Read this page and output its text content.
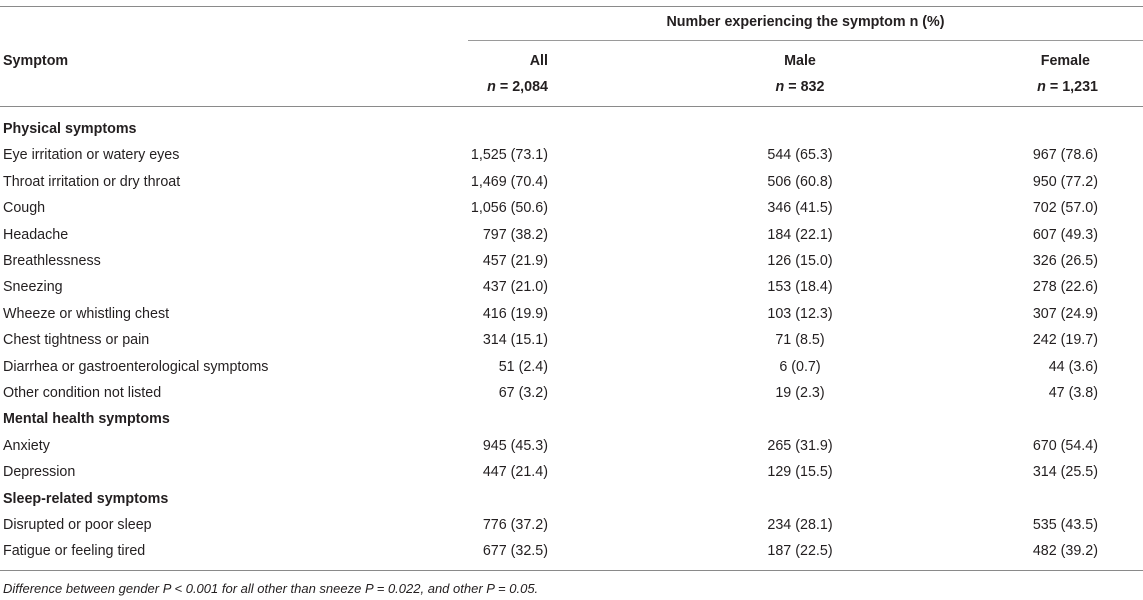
Number experiencing the symptom n (%)
Symptom	All	Male	Female
n = 2,084	n = 832	n = 1,231
Physical symptoms
Eye irritation or watery eyes	1,525 (73.1)	544 (65.3)	967 (78.6)
Throat irritation or dry throat	1,469 (70.4)	506 (60.8)	950 (77.2)
Cough	1,056 (50.6)	346 (41.5)	702 (57.0)
Headache	797 (38.2)	184 (22.1)	607 (49.3)
Breathlessness	457 (21.9)	126 (15.0)	326 (26.5)
Sneezing	437 (21.0)	153 (18.4)	278 (22.6)
Wheeze or whistling chest	416 (19.9)	103 (12.3)	307 (24.9)
Chest tightness or pain	314 (15.1)	71 (8.5)	242 (19.7)
Diarrhea or gastroenterological symptoms	51 (2.4)	6 (0.7)	44 (3.6)
Other condition not listed	67 (3.2)	19 (2.3)	47 (3.8)
Mental health symptoms
Anxiety	945 (45.3)	265 (31.9)	670 (54.4)
Depression	447 (21.4)	129 (15.5)	314 (25.5)
Sleep-related symptoms
Disrupted or poor sleep	776 (37.2)	234 (28.1)	535 (43.5)
Fatigue or feeling tired	677 (32.5)	187 (22.5)	482 (39.2)
Difference between gender P < 0.001 for all other than sneeze P = 0.022, and other P = 0.05.
